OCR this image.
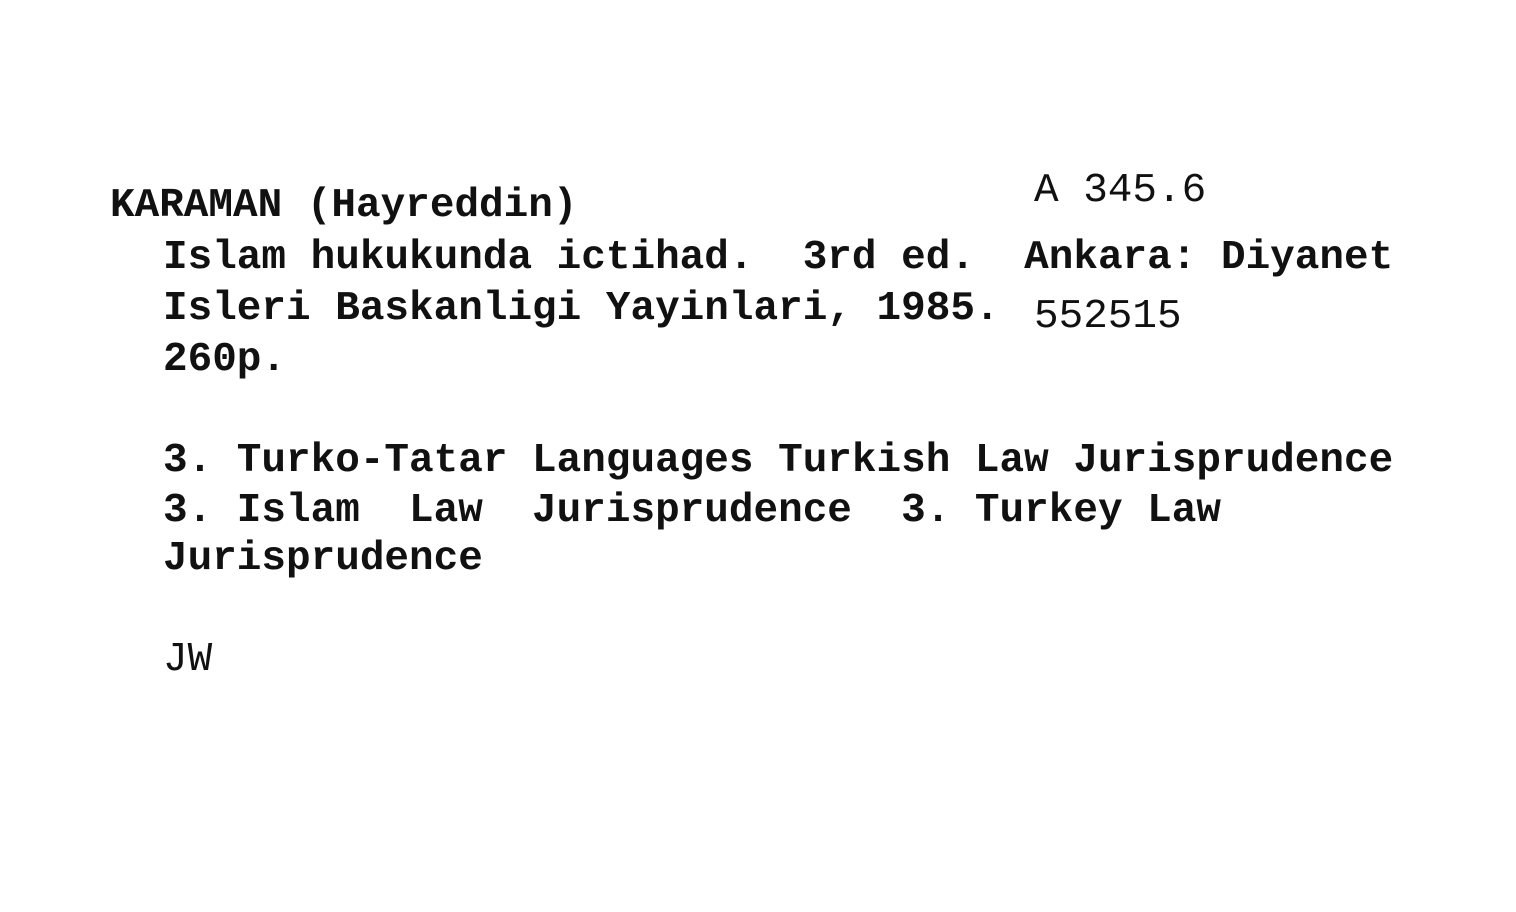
A 345.6

552515

KARAMAN (Hayreddin)
Islam hukukunda ictihad.  3rd ed.  Ankara: Diyanet
Isleri Baskanligi Yayinlari, 1985.
260p.
3. Turko-Tatar Languages Turkish Law Jurisprudence
3. Islam  Law  Jurisprudence  3. Turkey Law
Jurisprudence
JW
